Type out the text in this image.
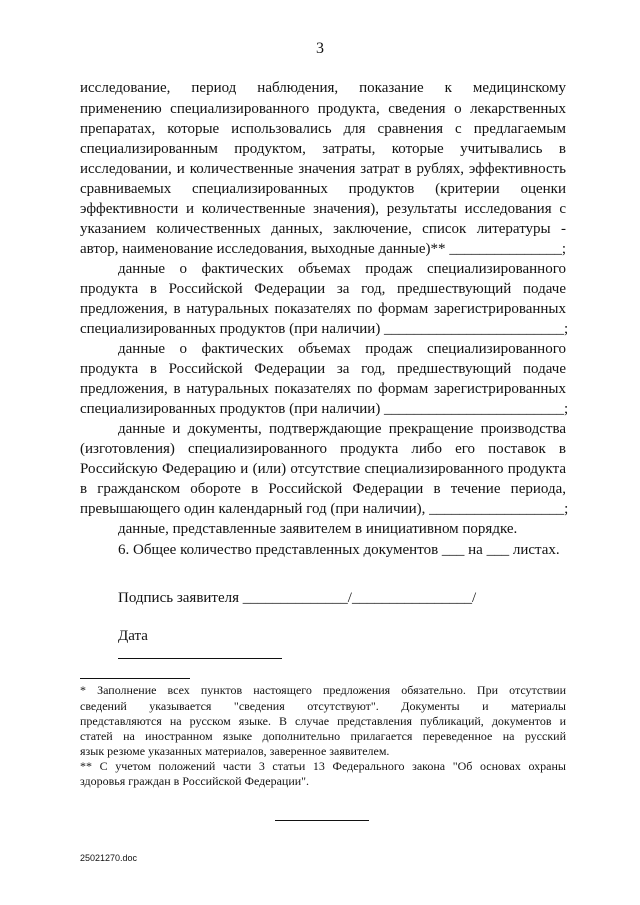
3
исследование, период наблюдения, показание к медицинскому
применению специализированного продукта, сведения о лекарственных
препаратах, которые использовались для сравнения с предлагаемым
специализированным продуктом, затраты, которые учитывались в
исследовании, и количественные значения затрат в рублях, эффективность
сравниваемых специализированных продуктов (критерии оценки
эффективности и количественные значения), результаты исследования с
указанием количественных данных, заключение, список литературы -
автор, наименование исследования, выходные данные)** _______________;
данные о фактических объемах продаж специализированного
продукта в Российской Федерации за год, предшествующий подаче
предложения, в натуральных показателях по формам зарегистрированных
специализированных продуктов (при наличии) ________________________;
данные о фактических объемах продаж специализированного
продукта в Российской Федерации за год, предшествующий подаче
предложения, в натуральных показателях по формам зарегистрированных
специализированных продуктов (при наличии) ________________________;
данные и документы, подтверждающие прекращение производства
(изготовления) специализированного продукта либо его поставок в
Российскую Федерацию и (или) отсутствие специализированного продукта
в гражданском обороте в Российской Федерации в течение периода,
превышающего один календарный год (при наличии), __________________;
данные, представленные заявителем в инициативном порядке.
6. Общее количество представленных документов ___ на ___ листах.
Подпись заявителя ______________/________________/
Дата
* Заполнение всех пунктов настоящего предложения обязательно. При отсутствии
сведений указывается "сведения отсутствуют". Документы и материалы
представляются на русском языке. В случае представления публикаций, документов и
статей на иностранном языке дополнительно прилагается переведенное на русский
язык резюме указанных материалов, заверенное заявителем.
** С учетом положений части 3 статьи 13 Федерального закона "Об основах охраны
здоровья граждан в Российской Федерации".
25021270.doc
